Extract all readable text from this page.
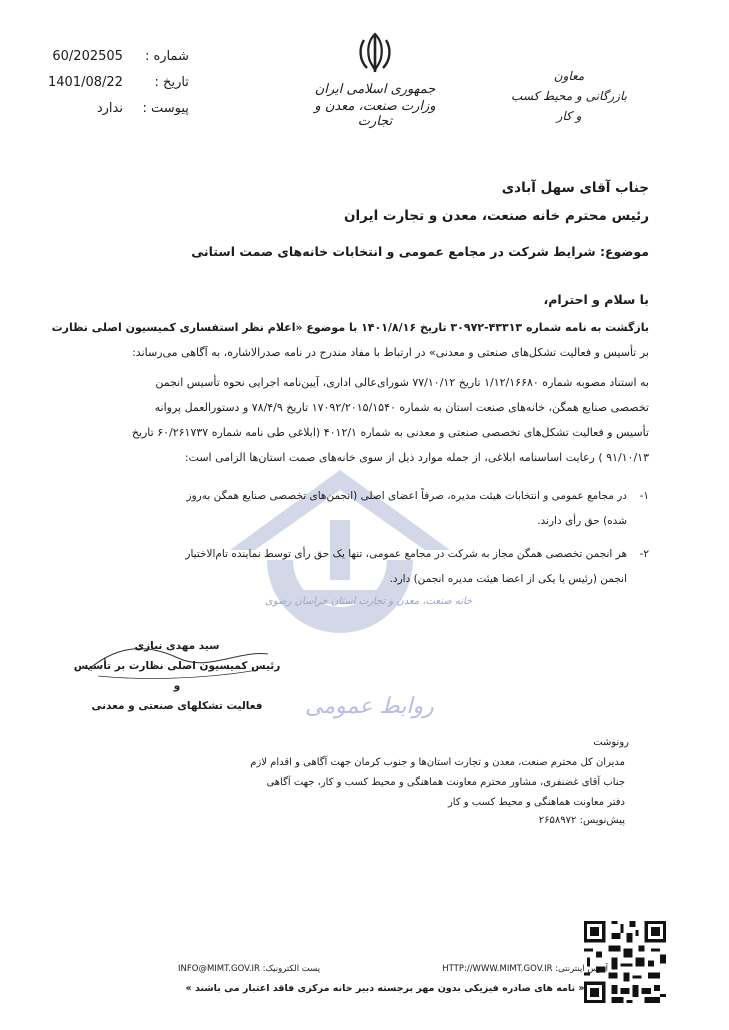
شماره :
60/202505
تاریخ :
1401/08/22
پیوست :
ندارد
جمهوری اسلامی ایران
وزارت صنعت، معدن و تجارت
معاون
بازرگانی و محیط کسب و کار
جناب آقای سهل آبادی
رئیس محترم خانه صنعت، معدن و تجارت ایران
موضوع: شرایط شرکت در مجامع عمومی و انتخابات خانه‌های صمت استانی
با سلام و احترام،
بازگشت به نامه شماره ۴۳۳۱۳-۳۰۹۷۲ تاریخ ۱۴۰۱/۸/۱۶ با موضوع «اعلام نظر استفساری کمیسیون اصلی نظارت
بر تأسیس و فعالیت تشکل‌های صنعتی و معدنی» در ارتباط با مفاد مندرج در نامه صدرالاشاره، به آگاهی می‌رساند:
به استناد مصوبه شماره ۱/۱۲/۱۶۶۸۰ تاریخ ۷۷/۱۰/۱۲ شورای‌عالی اداری، آیین‌نامه اجرایی نحوه تأسیس انجمن
تخصصی صنایع همگن، خانه‌های صنعت استان به شماره ۱۷۰۹۲/۲۰۱۵/۱۵۴۰ تاریخ ۷۸/۴/۹ و دستورالعمل پروانه
تأسیس و فعالیت تشکل‌های تخصصی صنعتی و معدنی به شماره ۴۰۱۲/۱ (ابلاغی طی نامه شماره ۶۰/۲۶۱۷۳۷ تاریخ
۹۱/۱۰/۱۳ ) رعایت اساسنامه ابلاغی، از جمله موارد ذیل از سوی خانه‌های صمت استان‌ها الزامی است:
خانه صنعت، معدن و تجارت استان خراسان رضوی
۱-
در مجامع عمومی و انتخابات هیئت مدیره، صرفاً اعضای اصلی (انجمن‌های تخصصی صنایع همگن به‌روز
شده) حق رأی دارند.
۲-
هر انجمن تخصصی همگن مجاز به شرکت در مجامع عمومی، تنها یک حق رأی توسط نماینده تام‌الاختیار
انجمن (رئیس یا یکی از اعضا هیئت مدیره انجمن) دارد.
سید مهدی نیازی
رئیس کمیسیون اصلی نظارت بر تأسیس و
فعالیت تشکلهای صنعتی و معدنی	روابط عمومی
رونوشت
مدیران کل محترم صنعت، معدن و تجارت استان‌ها و جنوب کرمان جهت آگاهی و اقدام لازم
جناب آقای غضنفری، مشاور محترم معاونت هماهنگی و محیط کسب و کار، جهت آگاهی
دفتر معاونت هماهنگی و محیط کسب و کار
پیش‌نویس: ۲۶۵۸۹۷۲
آدرس اینترنتی: HTTP://WWW.MIMT.GOV.IR
پست الکترونیک: INFO@MIMT.GOV.IR
« نامه های صادره فیزیکی بدون مهر برجسته دبیر خانه مرکزی فاقد اعتبار می باشند »
